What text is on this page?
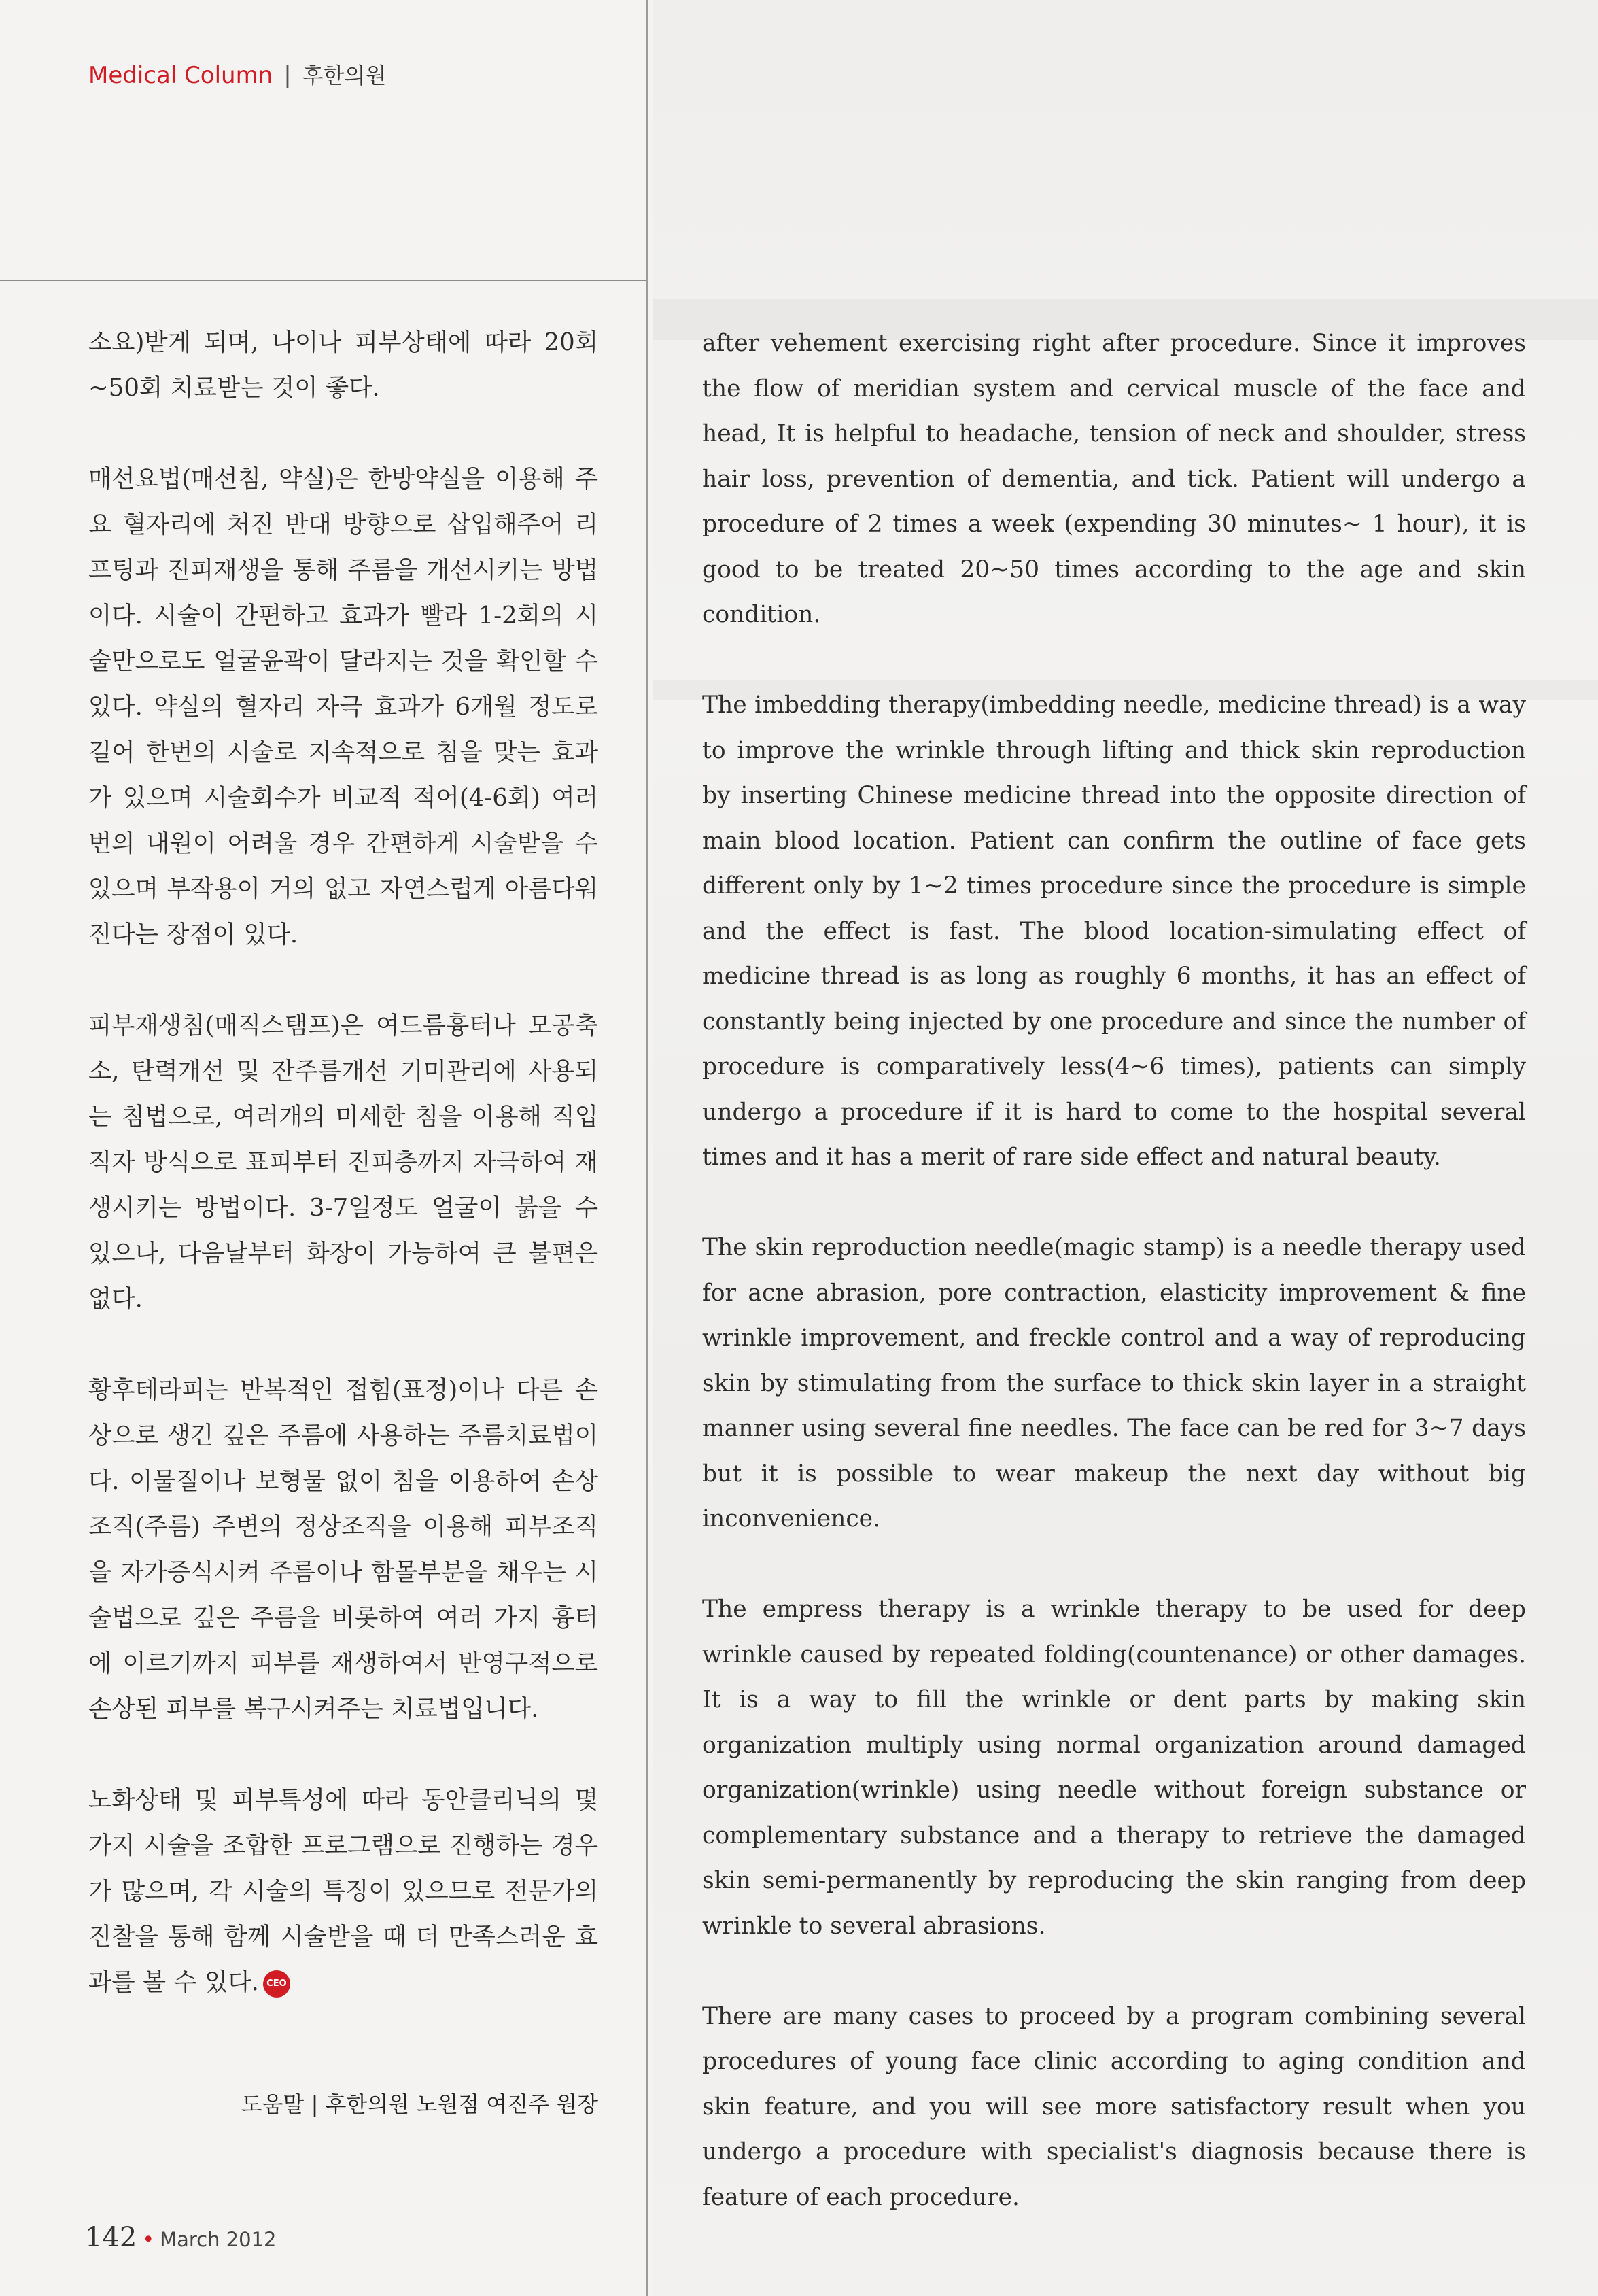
Medical Column | 후한의원

소요)받게 되며, 나이나 피부상태에 따라 20회 ~50회 치료받는 것이 좋다.

매선요법(매선침, 약실)은 한방약실을 이용해 주요 혈자리에 처진 반대 방향으로 삽입해주어 리프팅과 진피재생을 통해 주름을 개선시키는 방법이다. 시술이 간편하고 효과가 빨라 1-2회의 시술만으로도 얼굴윤곽이 달라지는 것을 확인할 수 있다. 약실의 혈자리 자극 효과가 6개월 정도로 길어 한번의 시술로 지속적으로 침을 맞는 효과가 있으며 시술회수가 비교적 적어(4-6회) 여러번의 내원이 어려울 경우 간편하게 시술받을 수 있으며 부작용이 거의 없고 자연스럽게 아름다워진다는 장점이 있다.

피부재생침(매직스탬프)은 여드름흉터나 모공축소, 탄력개선 및 잔주름개선 기미관리에 사용되는 침법으로, 여러개의 미세한 침을 이용해 직입직자 방식으로 표피부터 진피층까지 자극하여 재생시키는 방법이다. 3-7일정도 얼굴이 붉을 수 있으나, 다음날부터 화장이 가능하여 큰 불편은 없다.

황후테라피는 반복적인 접힘(표정)이나 다른 손상으로 생긴 깊은 주름에 사용하는 주름치료법이다. 이물질이나 보형물 없이 침을 이용하여 손상조직(주름) 주변의 정상조직을 이용해 피부조직을 자가증식시켜 주름이나 함몰부분을 채우는 시술법으로 깊은 주름을 비롯하여 여러 가지 흉터에 이르기까지 피부를 재생하여서 반영구적으로 손상된 피부를 복구시켜주는 치료법입니다.

노화상태 및 피부특성에 따라 동안클리닉의 몇 가지 시술을 조합한 프로그램으로 진행하는 경우가 많으며, 각 시술의 특징이 있으므로 전문가의 진찰을 통해 함께 시술받을 때 더 만족스러운 효과를 볼 수 있다. CEO

도움말 | 후한의원 노원점 여진주 원장

after vehement exercising right after procedure. Since it improves the flow of meridian system and cervical muscle of the face and head, It is helpful to headache, tension of neck and shoulder, stress hair loss, prevention of dementia, and tick. Patient will undergo a procedure of 2 times a week (expending 30 minutes~ 1 hour), it is good to be treated 20~50 times according to the age and skin condition.

The imbedding therapy(imbedding needle, medicine thread) is a way to improve the wrinkle through lifting and thick skin reproduction by inserting Chinese medicine thread into the opposite direction of main blood location. Patient can confirm the outline of face gets different only by 1~2 times procedure since the procedure is simple and the effect is fast. The blood location-simulating effect of medicine thread is as long as roughly 6 months, it has an effect of constantly being injected by one procedure and since the number of procedure is comparatively less(4~6 times), patients can simply undergo a procedure if it is hard to come to the hospital several times and it has a merit of rare side effect and natural beauty.

The skin reproduction needle(magic stamp) is a needle therapy used for acne abrasion, pore contraction, elasticity improvement & fine wrinkle improvement, and freckle control and a way of reproducing skin by stimulating from the surface to thick skin layer in a straight manner using several fine needles. The face can be red for 3~7 days but it is possible to wear makeup the next day without big inconvenience.

The empress therapy is a wrinkle therapy to be used for deep wrinkle caused by repeated folding(countenance) or other damages. It is a way to fill the wrinkle or dent parts by making skin organization multiply using normal organization around damaged organization(wrinkle) using needle without foreign substance or complementary substance and a therapy to retrieve the damaged skin semi-permanently by reproducing the skin ranging from deep wrinkle to several abrasions.

There are many cases to proceed by a program combining several procedures of young face clinic according to aging condition and skin feature, and you will see more satisfactory result when you undergo a procedure with specialist's diagnosis because there is feature of each procedure.

142 • March 2012
